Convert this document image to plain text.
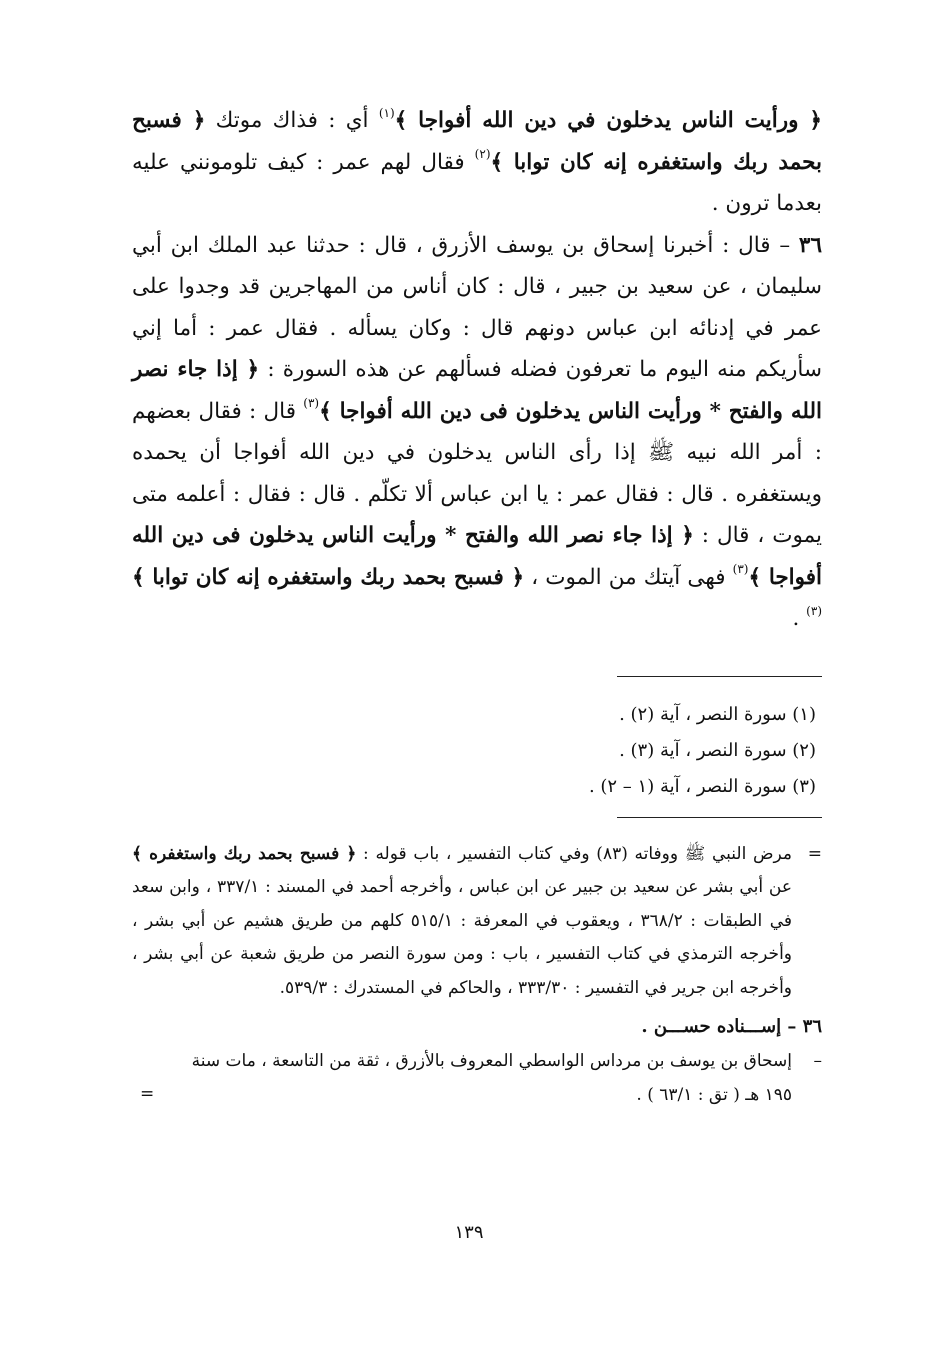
﴿ ورأيت الناس يدخلون في دين الله أفواجا ﴾$^{(١)}$ أي : فذاك موتك ﴿ فسبح بحمد ربك واستغفره إنه كان توابا ﴾$^{(٢)}$ فقال لهم عمر : كيف تلومونني عليه بعدما ترون .

٣٦ – قال : أخبرنا إسحاق بن يوسف الأزرق ، قال : حدثنا عبد الملك ابن أبي سليمان ، عن سعيد بن جبير ، قال : كان أناس من المهاجرين قد وجدوا على عمر في إدنائه ابن عباس دونهم قال : وكان يسأله . فقال عمر : أما إني سأريكم منه اليوم ما تعرفون فضله فسألهم عن هذه السورة : ﴿ إذا جاء نصر الله والفتح * ورأيت الناس يدخلون فى دين الله أفواجا ﴾$^{(٣)}$ قال : فقال بعضهم : أمر الله نبيه ﷺ إذا رأى الناس يدخلون في دين الله أفواجا أن يحمده ويستغفره . قال : فقال عمر : يا ابن عباس ألا تكلّم . قال : فقال : أعلمه متى يموت ، قال : ﴿ إذا جاء نصر الله والفتح * ورأيت الناس يدخلون فى دين الله أفواجا ﴾$^{(٣)}$ فهى آيتك من الموت ، ﴿ فسبح بحمد ربك واستغفره إنه كان توابا ﴾$^{(٣)}$ .

(١) سورة النصر ، آية (٢) .
(٢) سورة النصر ، آية (٣) .
(٣) سورة النصر ، آية (١ – ٢) .
=

مرض النبي ﷺ ووفاته (٨٣) وفي كتاب التفسير ، باب قوله : ﴿ فسبح بحمد ربك واستغفره ﴾ عن أبي بشر عن سعيد بن جبير عن ابن عباس ، وأخرجه أحمد في المسند : ٣٣٧/١ ، وابن سعد في الطبقات : ٣٦٨/٢ ، ويعقوب في المعرفة : ٥١٥/١ كلهم من طريق هشيم عن أبي بشر ، وأخرجه الترمذي في كتاب التفسير ، باب : ومن سورة النصر من طريق شعبة عن أبي بشر ، وأخرجه ابن جرير في التفسير : ٣٣٣/٣٠ ، والحاكم في المستدرك : ٥٣٩/٣.

٣٦ – إســـناده حســـن .
–

إسحاق بن يوسف بن مرداس الواسطي المعروف بالأزرق ، ثقة من التاسعة ، مات سنة ١٩٥ هـ ( تق : ٦٣/١ ) .

=
١٣٩
